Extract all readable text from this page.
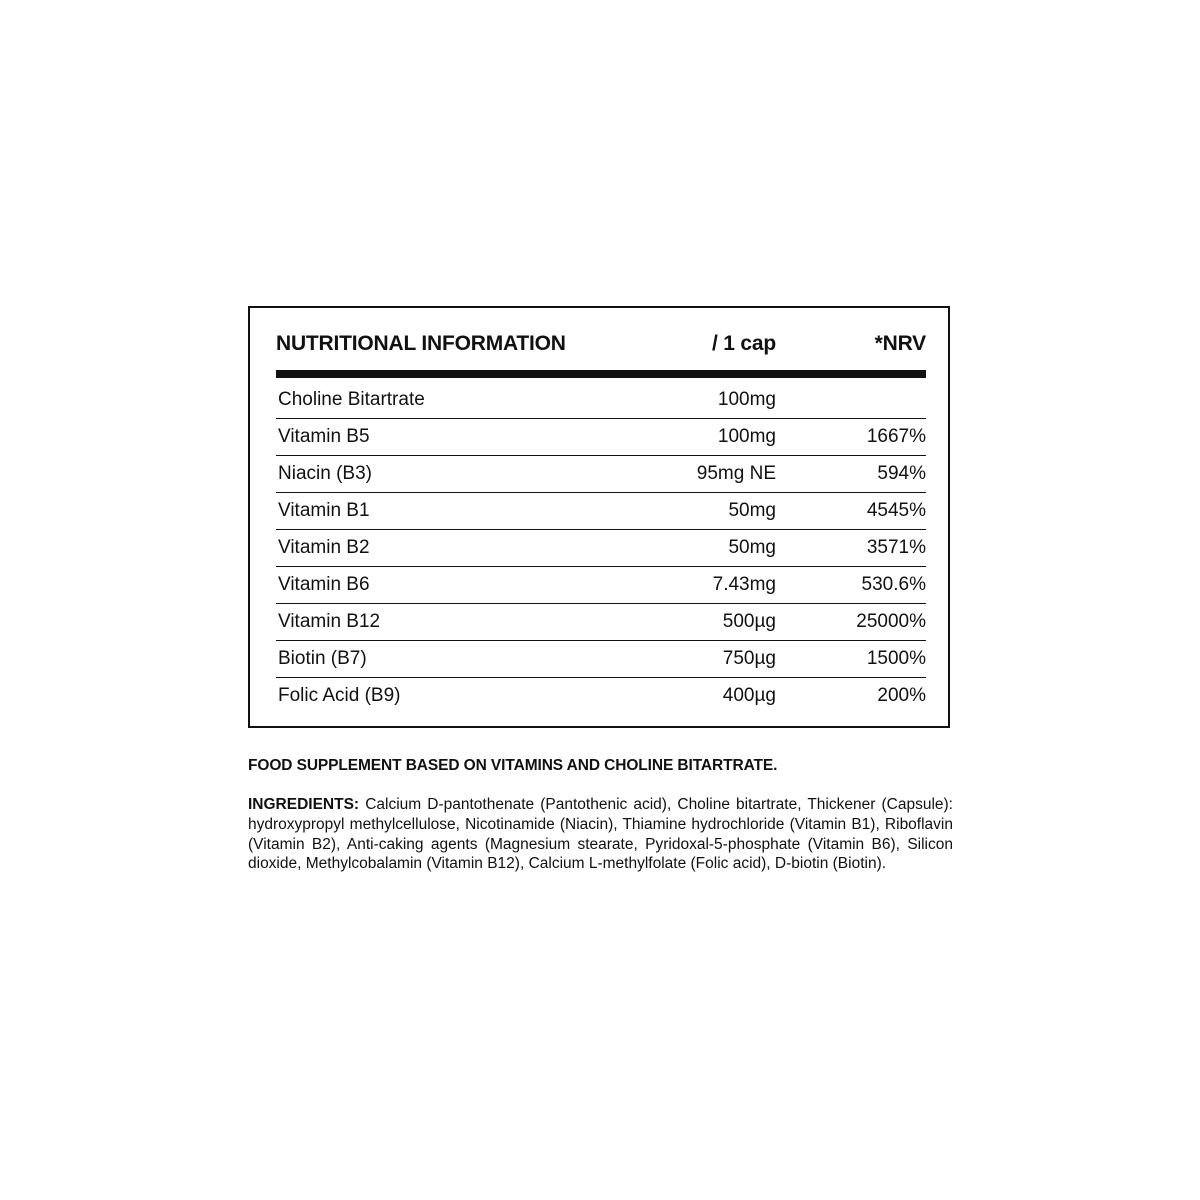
NUTRITIONAL INFORMATION	/ 1 cap	*NRV
Choline Bitartrate	100mg
Vitamin B5	100mg	1667%
Niacin (B3)	95mg NE	594%
Vitamin B1	50mg	4545%
Vitamin B2	50mg	3571%
Vitamin B6	7.43mg	530.6%
Vitamin B12	500µg	25000%
Biotin (B7)	750µg	1500%
Folic Acid (B9)	400µg	200%
FOOD SUPPLEMENT BASED ON VITAMINS AND CHOLINE BITARTRATE.
INGREDIENTS: Calcium D-pantothenate (Pantothenic acid), Choline bitartrate, Thickener (Capsule): hydroxypropyl methylcellulose, Nicotinamide (Niacin), Thiamine hydrochloride (Vitamin B1), Riboflavin (Vitamin B2), Anti-caking agents (Magnesium stearate, Pyridoxal-5-phosphate (Vitamin B6), Silicon dioxide, Methylcobalamin (Vitamin B12), Calcium L-methylfolate (Folic acid), D-biotin (Biotin).
